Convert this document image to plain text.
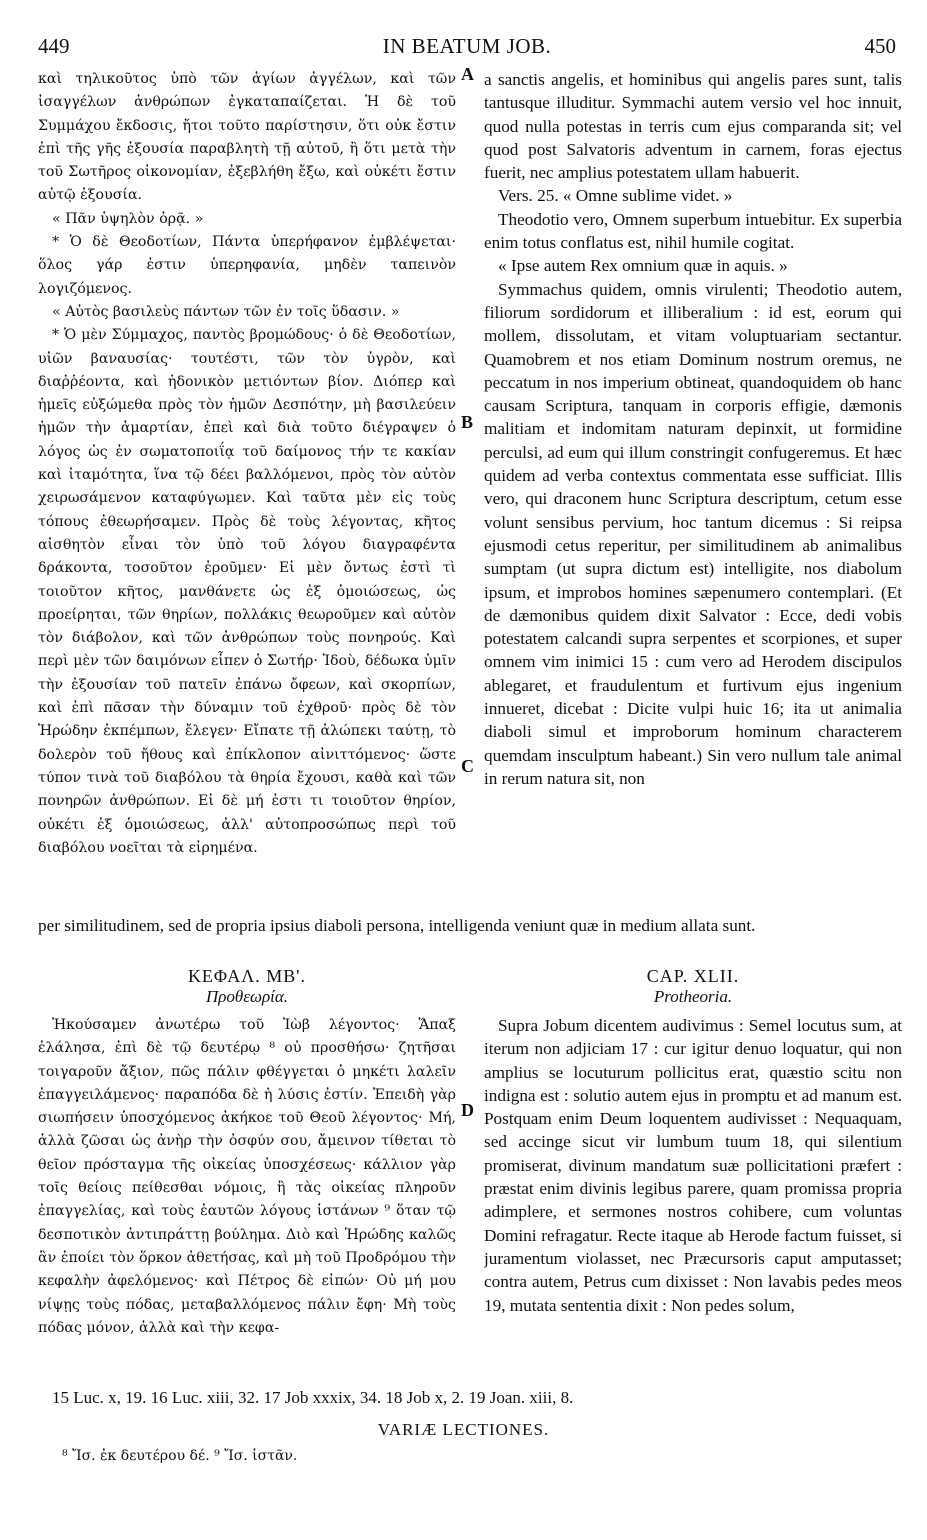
449	IN BEATUM JOB.	450

καὶ τηλικοῦτος ὑπὸ τῶν ἁγίων ἀγγέλων, καὶ τῶν ἰσαγγέλων ἀνθρώπων ἐγκαταπαίζεται. Ἡ δὲ τοῦ Συμμάχου ἔκδοσις, ἤτοι τοῦτο παρίστησιν, ὅτι οὐκ ἔστιν ἐπὶ τῆς γῆς ἐξουσία παραβλητὴ τῇ αὐτοῦ, ἢ ὅτι μετὰ τὴν τοῦ Σωτῆρος οἰκονομίαν, ἐξεβλήθη ἔξω, καὶ οὐκέτι ἔστιν αὐτῷ ἐξουσία.

« Πᾶν ὑψηλὸν ὁρᾷ. »

* Ὁ δὲ Θεοδοτίων, Πάντα ὑπερήφανον ἐμβλέψεται· ὅλος γάρ ἐστιν ὑπερηφανία, μηδὲν ταπεινὸν λογιζόμενος.

« Αὐτὸς βασιλεὺς πάντων τῶν ἐν τοῖς ὕδασιν. »

* Ὁ μὲν Σύμμαχος, παντὸς βρομώδους· ὁ δὲ Θεοδοτίων, υἱῶν βαναυσίας· τουτέστι, τῶν τὸν ὑγρὸν, καὶ διαῤῥέοντα, καὶ ἡδονικὸν μετιόντων βίον. Διόπερ καὶ ἡμεῖς εὐξώμεθα πρὸς τὸν ἡμῶν Δεσπότην, μὴ βασιλεύειν ἡμῶν τὴν ἁμαρτίαν, ἐπεὶ καὶ διὰ τοῦτο διέγραψεν ὁ λόγος ὡς ἐν σωματοποιΐᾳ τοῦ δαίμονος τήν τε κακίαν καὶ ἰταμότητα, ἵνα τῷ δέει βαλλόμενοι, πρὸς τὸν αὐτὸν χειρωσάμενον καταφύγωμεν. Καὶ ταῦτα μὲν εἰς τοὺς τόπους ἐθεωρήσαμεν. Πρὸς δὲ τοὺς λέγοντας, κῆτος αἰσθητὸν εἶναι τὸν ὑπὸ τοῦ λόγου διαγραφέντα δράκοντα, τοσοῦτον ἐροῦμεν· Εἰ μὲν ὄντως ἐστὶ τὶ τοιοῦτον κῆτος, μανθάνετε ὡς ἐξ ὁμοιώσεως, ὡς προείρηται, τῶν θηρίων, πολλάκις θεωροῦμεν καὶ αὐτὸν τὸν διάβολον, καὶ τῶν ἀνθρώπων τοὺς πονηρούς. Καὶ περὶ μὲν τῶν δαιμόνων εἶπεν ὁ Σωτήρ· Ἰδοὺ, δέδωκα ὑμῖν τὴν ἐξουσίαν τοῦ πατεῖν ἐπάνω ὄφεων, καὶ σκορπίων, καὶ ἐπὶ πᾶσαν τὴν δύναμιν τοῦ ἐχθροῦ· πρὸς δὲ τὸν Ἡρώδην ἐκπέμπων, ἔλεγεν· Εἴπατε τῇ ἀλώπεκι ταύτῃ, τὸ δολερὸν τοῦ ἤθους καὶ ἐπίκλοπον αἰνιττόμενος· ὥστε τύπον τινὰ τοῦ διαβόλου τὰ θηρία ἔχουσι, καθὰ καὶ τῶν πονηρῶν ἀνθρώπων. Εἰ δὲ μή ἐστι τι τοιοῦτον θηρίον, οὐκέτι ἐξ ὁμοιώσεως, ἀλλ' αὐτοπροσώπως περὶ τοῦ διαβόλου νοεῖται τὰ εἰρημένα.

a sanctis angelis, et hominibus qui angelis pares sunt, talis tantusque illuditur. Symmachi autem versio vel hoc innuit, quod nulla potestas in terris cum ejus comparanda sit; vel quod post Salvatoris adventum in carnem, foras ejectus fuerit, nec amplius potestatem ullam habuerit.

Vers. 25. « Omne sublime videt. »

Theodotio vero, Omnem superbum intuebitur. Ex superbia enim totus conflatus est, nihil humile cogitat.

« Ipse autem Rex omnium quæ in aquis. »

Symmachus quidem, omnis virulenti; Theodotio autem, filiorum sordidorum et illiberalium : id est, eorum qui mollem, dissolutam, et vitam voluptuariam sectantur. Quamobrem et nos etiam Dominum nostrum oremus, ne peccatum in nos imperium obtineat, quandoquidem ob hanc causam Scriptura, tanquam in corporis effigie, dæmonis malitiam et indomitam naturam depinxit, ut formidine perculsi, ad eum qui illum constringit confugeremus. Et hæc quidem ad verba contextus commentata esse sufficiat. Illis vero, qui draconem hunc Scriptura descriptum, cetum esse volunt sensibus pervium, hoc tantum dicemus : Si reipsa ejusmodi cetus reperitur, per similitudinem ab animalibus sumptam (ut supra dictum est) intelligite, nos diabolum ipsum, et improbos homines sæpenumero contemplari. (Et de dæmonibus quidem dixit Salvator : Ecce, dedi vobis potestatem calcandi supra serpentes et scorpiones, et super omnem vim inimici 15 : cum vero ad Herodem discipulos ablegaret, et fraudulentum et furtivum ejus ingenium innueret, dicebat : Dicite vulpi huic 16; ita ut animalia diaboli simul et improborum hominum characterem quemdam insculptum habeant.) Sin vero nullum tale animal in rerum natura sit, non

A
B
C
D
per similitudinem, sed de propria ipsius diaboli persona, intelligenda veniunt quæ in medium allata sunt.
ΚΕΦΑΛ. ΜΒ'.
Προθεωρία.
CAP. XLII.
Protheoria.

Ἠκούσαμεν ἀνωτέρω τοῦ Ἰὼβ λέγοντος· Ἅπαξ ἐλάλησα, ἐπὶ δὲ τῷ δευτέρῳ ⁸ οὐ προσθήσω· ζητῆσαι τοιγαροῦν ἄξιον, πῶς πάλιν φθέγγεται ὁ μηκέτι λαλεῖν ἐπαγγειλάμενος· παραπόδα δὲ ἡ λύσις ἐστίν. Ἐπειδὴ γὰρ σιωπήσειν ὑποσχόμενος ἀκήκοε τοῦ Θεοῦ λέγοντος· Μή, ἀλλὰ ζῶσαι ὡς ἀνὴρ τὴν ὀσφύν σου, ἄμεινον τίθεται τὸ θεῖον πρόσταγμα τῆς οἰκείας ὑποσχέσεως· κάλλιον γὰρ τοῖς θείοις πείθεσθαι νόμοις, ἢ τὰς οἰκείας πληροῦν ἐπαγγελίας, καὶ τοὺς ἑαυτῶν λόγους ἱστάνων ⁹ ὅταν τῷ δεσποτικὸν ἀντιπράττῃ βούλημα. Διὸ καὶ Ἡρώδης καλῶς ἂν ἐποίει τὸν ὅρκον ἀθετήσας, καὶ μὴ τοῦ Προδρόμου τὴν κεφαλὴν ἀφελόμενος· καὶ Πέτρος δὲ εἰπών· Οὐ μή μου νίψῃς τοὺς πόδας, μεταβαλλόμενος πάλιν ἔφη· Μὴ τοὺς πόδας μόνον, ἀλλὰ καὶ τὴν κεφα-

Supra Jobum dicentem audivimus : Semel locutus sum, at iterum non adjiciam 17 : cur igitur denuo loquatur, qui non amplius se locuturum pollicitus erat, quæstio scitu non indigna est : solutio autem ejus in promptu et ad manum est. Postquam enim Deum loquentem audivisset : Nequaquam, sed accinge sicut vir lumbum tuum 18, qui silentium promiserat, divinum mandatum suæ pollicitationi præfert : præstat enim divinis legibus parere, quam promissa propria adimplere, et sermones nostros cohibere, cum voluntas Domini refragatur. Recte itaque ab Herode factum fuisset, si juramentum violasset, nec Præcursoris caput amputasset; contra autem, Petrus cum dixisset : Non lavabis pedes meos 19, mutata sententia dixit : Non pedes solum,

15 Luc. x, 19. 16 Luc. xiii, 32. 17 Job xxxix, 34. 18 Job x, 2. 19 Joan. xiii, 8.
VARIÆ LECTIONES.
⁸ Ἴσ. ἐκ δευτέρου δέ. ⁹ Ἴσ. ἱστᾶν.
